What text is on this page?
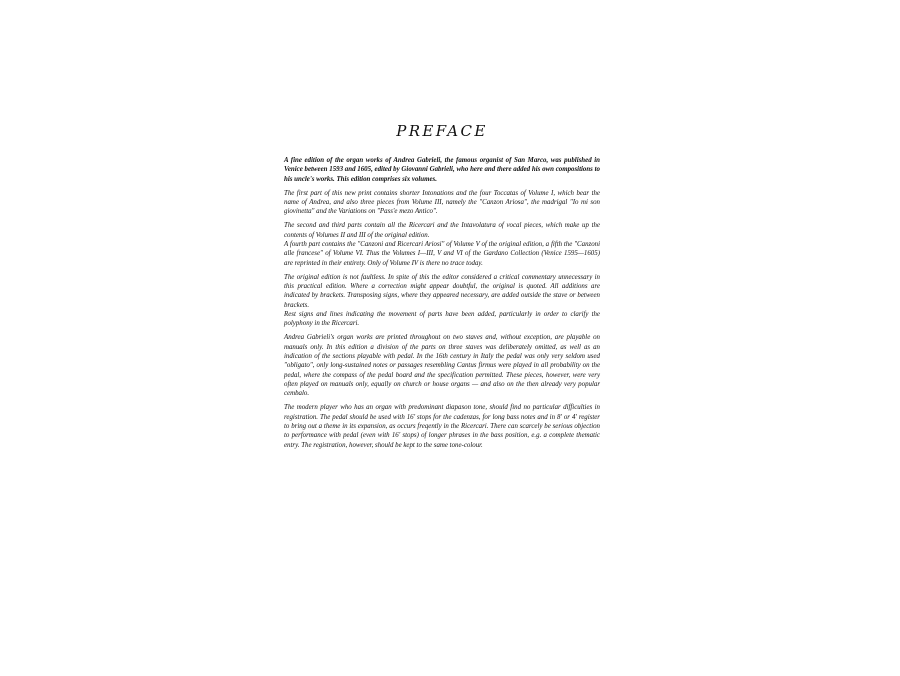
PREFACE

A fine edition of the organ works of Andrea Gabrieli, the famous organist of San Marco, was published in Venice between 1593 and 1605, edited by Giovanni Gabrieli, who here and there added his own compositions to his uncle's works. This edition comprises six volumes.

The first part of this new print contains shorter Intonations and the four Toccatas of Volume I, which bear the name of Andrea, and also three pieces from Volume III, namely the "Canzon Ariosa", the madrigal "Io mi son giovinetta" and the Variations on "Pass'e mezo Antico".

The second and third parts contain all the Ricercari and the Intavolatura of vocal pieces, which make up the contents of Volumes II and III of the original edition.

A fourth part contains the "Canzoni and Ricercari Ariosi" of Volume V of the original edition, a fifth the "Canzoni alle francese" of Volume VI. Thus the Volumes I—III, V and VI of the Gardano Collection (Venice 1595—1605) are reprinted in their entirety. Only of Volume IV is there no trace today.

The original edition is not faultless. In spite of this the editor considered a critical commentary unnecessary in this practical edition. Where a correction might appear doubtful, the original is quoted. All additions are indicated by brackets. Transposing signs, where they appeared necessary, are added outside the stave or between brackets.

Rest signs and lines indicating the movement of parts have been added, particularly in order to clarify the polyphony in the Ricercari.

Andrea Gabrieli's organ works are printed throughout on two staves and, without exception, are playable on manuals only. In this edition a division of the parts on three staves was deliberately omitted, as well as an indication of the sections playable with pedal. In the 16th century in Italy the pedal was only very seldom used "obligato", only long-sustained notes or passages resembling Cantus firmus were played in all probability on the pedal, where the compass of the pedal board and the specification permitted. These pieces, however, were very often played on manuals only, equally on church or house organs — and also on the then already very popular cembalo.

The modern player who has an organ with predominant diapason tone, should find no particular difficulties in registration. The pedal should be used with 16' stops for the cadenzas, for long bass notes and in 8' or 4' register to bring out a theme in its expansion, as occurs freqently in the Ricercari. There can scarcely be serious objection to performance with pedal (even with 16' stops) of longer phrases in the bass position, e.g. a complete thematic entry. The registration, however, should be kept to the same tone-colour.
